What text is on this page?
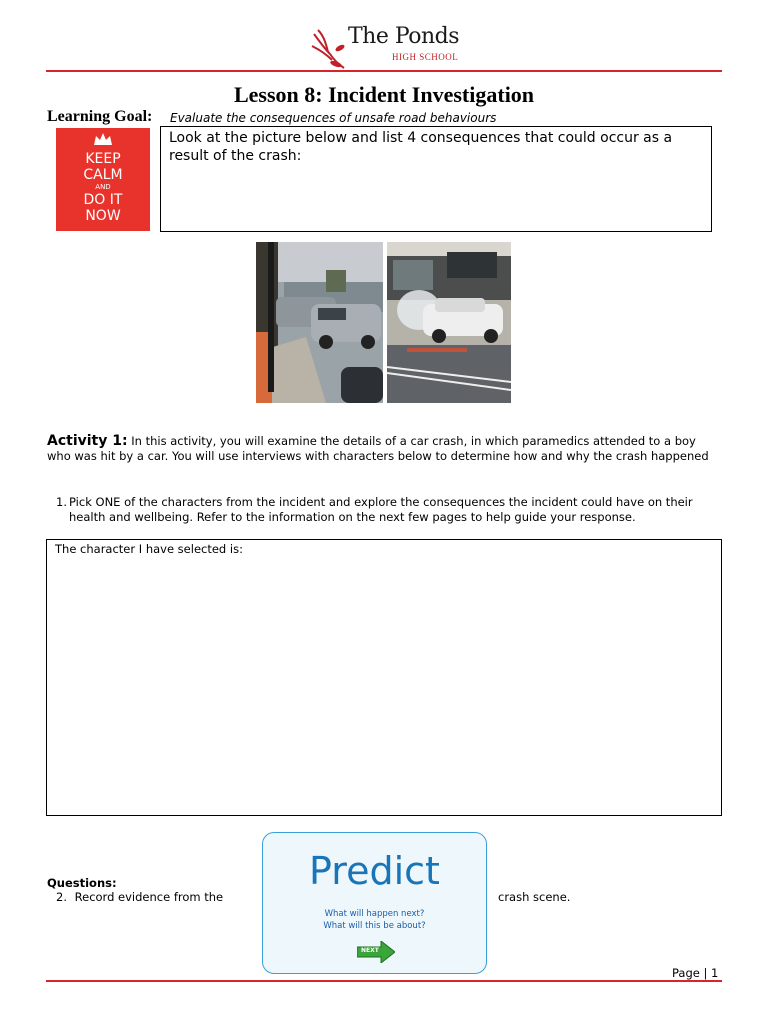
The Ponds
HIGH SCHOOL
Lesson 8: Incident Investigation
Learning Goal: Evaluate the consequences of unsafe road behaviours
KEEP
CALM
AND
DO IT
NOW
Look at the picture below and list 4 consequences that could occur as a result of the crash:
Activity 1: In this activity, you will examine the details of a car crash, in which paramedics attended to a boy who was hit by a car. You will use interviews with characters below to determine how and why the crash happened
1. Pick ONE of the characters from the incident and explore the consequences the incident could have on their health and wellbeing. Refer to the information on the next few pages to help guide your response.
The character I have selected is:
Predict
What will happen next?
What will this be about?
NEXT
Questions:
2. Record evidence from the	crash scene.
Page | 1
